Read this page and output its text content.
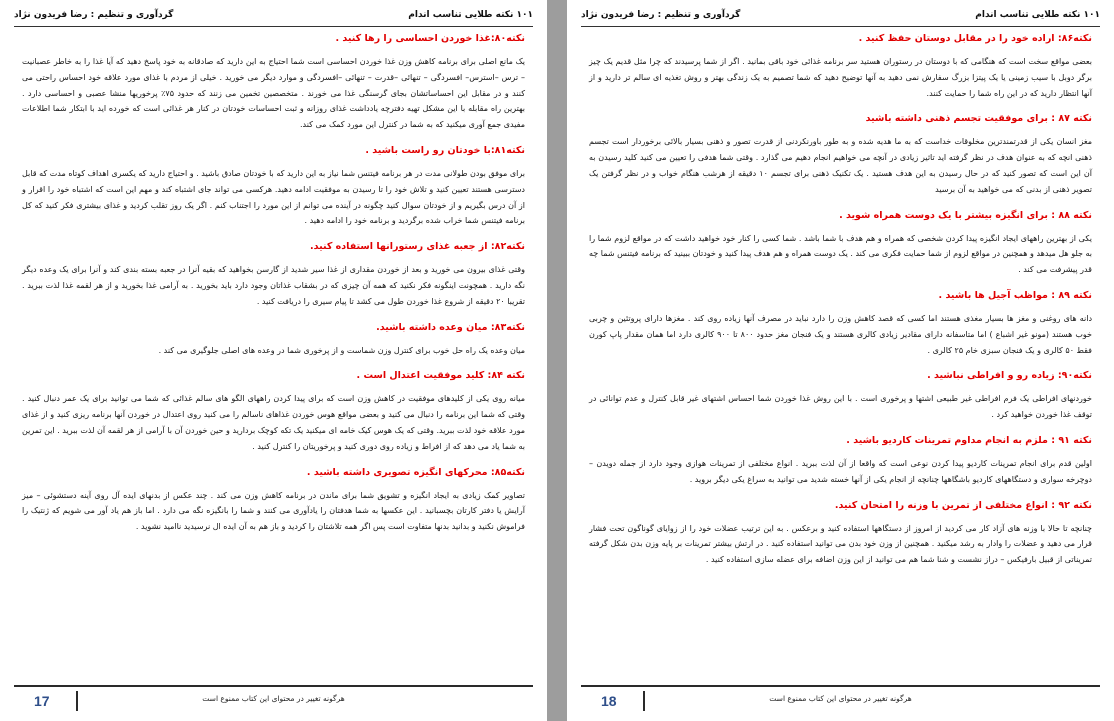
۱۰۱ نکته طلایی تناسب اندام
گردآوری و تنظیم : رضا فریدون نژاد
نکته۸۰:غذا خوردن احساسی را رها کنید .

یک مانع اصلی برای برنامه کاهش وزن غذا خوردن احساسی است شما احتیاج به این دارید که صادقانه به خود پاسخ دهید که آیا غذا را به خاطر عصبانیت – ترس –استرس– افسردگی – تنهائی –قدرت – تنهائی –افسردگی و موارد دیگر می خورید . خیلی از مردم با غذای مورد علاقه خود احساس راحتی می کنند و در مقابل این احساساتشان بجای گرسنگی غذا می خورند . متخصصین تخمین می زنند که حدود ۷۵٪ پرخوریها منشا عصبی و احساسی دارد . بهترین راه مقابله با این مشکل تهیه دفترچه یادداشت غذای روزانه و ثبت احساسات خودتان در کنار هر غذائی است که خورده اید با ابتکار شما اطلاعات مفیدی جمع آوری میکنید که به شما در کنترل این مورد کمک می کند.

نکته۸۱:با خودتان رو راست باشید .

برای موفق بودن طولانی مدت در هر برنامه فیتنس شما نیاز به این دارید که با خودتان صادق باشید . و احتیاج دارید که یکسری اهداف کوتاه مدت که قابل دسترسی هستند تعیین کنید و تلاش خود را تا رسیدن به موفقیت ادامه دهید. هرکسی می تواند جای اشتباه کند و مهم این است که اشتباه خود را اقرار و از آن درس بگیریم و از خودتان سوال کنید چگونه در آینده می توانم از این مورد را اجتناب کنم . اگر یک روز تقلب کردید و غذای بیشتری فکر کنید که کل برنامه فیتنس شما خراب شده برگردید و برنامه خود را ادامه دهید .

نکته۸۲: از جعبه غذای رستورانها استفاده کنید.

وقتی غذای بیرون می خورید و بعد از خوردن مقداری از غذا سیر شدید از گارسن بخواهید که بقیه آنرا در جعبه بسته بندی کند و آنرا برای یک وعده دیگر نگه دارید . همچونت اینگونه فکر نکنید که همه آن چیزی که در بشقاب غذاتان وجود دارد باید بخورید . به آرامی غذا بخورید و از هر لقمه غذا لذت ببرید . تقریبا ۲۰ دقیقه از شروع غذا خوردن طول می کشد تا پیام سیری را دریافت کنید .

نکته۸۳: میان وعده داشته باشید.

میان وعده یک راه حل خوب برای کنترل وزن شماست و از پرخوری شما در وعده های اصلی جلوگیری می کند .

نکته ۸۴: کلید موفقیت اعتدال است .

میانه روی یکی از کلیدهای موفقیت در کاهش وزن است که برای پیدا کردن راههای الگو های سالم غذائی که شما می توانید برای یک عمر دنبال کنید . وقتی که شما این برنامه را دنبال می کنید و بعضی مواقع هوس خوردن غذاهای ناسالم را می کنید روی اعتدال در خوردن آنها برنامه ریزی کنید و از غذای مورد علاقه خود لذت ببرید. وقتی که یک هوس کیک خامه ای میکنید یک تکه کوچک بردارید و حین خوردن آن با آرامی از هر لقمه آن لذت ببرید . این تمرین به شما یاد می دهد که از افراط و زیاده روی دوری کنید و پرخوریتان را کنترل کنید .

نکته۸۵: محرکهای انگیزه تصویری داشته باشید .

تصاویر کمک زیادی به ایجاد انگیزه و تشویق شما برای ماندن در برنامه کاهش وزن می کند . چند عکس از بدنهای ایده آل روی آینه دستشوئی – میز آرایش یا دفتر کارتان بچسبانید . این عکسها به شما هدفتان را یادآوری می کنند و شما را بانگیزه نگه می دارد . اما باز هم یاد آور می شویم که ژنتیک را فراموش نکنید و بدانید بدنها متفاوت است پس اگر همه تلاشتان را کردید و باز هم به آن ایده ال نرسیدید ناامید نشوید .

17	هرگونه تغییر در محتوای این کتاب ممنوع است
۱۰۱ نکته طلایی تناسب اندام
گردآوری و تنظیم : رضا فریدون نژاد
نکته۸۶: اراده خود را در مقابل دوستان حفظ کنید .

بعضی مواقع سخت است که هنگامی که با دوستان در رستوران هستید سر برنامه غذائی خود باقی بمانید . اگر از شما پرسیدند که چرا مثل قدیم یک چیز برگر دوبل با سیب زمینی یا یک پیتزا بزرگ سفارش نمی دهید به آنها توضیح دهید که شما تصمیم به یک زندگی بهتر و روش تغذیه ای سالم تر دارید و از آنها انتظار دارید که در این راه شما را حمایت کنند.

نکته ۸۷ : برای موفقیت تجسم ذهنی داشته باشید

مغز انسان یکی از قدرتمندترین مخلوقات خداست که به ما هدیه شده و به طور باورنکردنی از قدرت تصور و ذهنی بسیار بالائی برخوردار است تجسم ذهنی انچه که به عنوان هدف در نظر گرفته اید تاثیر زیادی در آنچه می خواهیم انجام دهیم می گذارد . وقتی شما هدفی را تعیین می کنید کلید رسیدن به آن این است که تصور کنید که در حال رسیدن به این هدف هستید . یک تکنیک ذهنی برای تجسم ۱۰ دقیقه از هرشب هنگام خواب و در نظر گرفتن یک تصویر ذهنی از بدنی که می خواهید به آن برسید

نکته ۸۸ : برای انگیزه بیشتر با یک دوست همراه شوید .

یکی از بهترین راههای ایجاد انگیزه پیدا کردن شخصی که همراه و هم هدف با شما باشد . شما کسی را کنار خود خواهید داشت که در مواقع لزوم شما را به جلو هل میدهد و همچنین در مواقع لزوم از شما حمایت فکری می کند . یک دوست همراه و هم هدف پیدا کنید و خودتان ببینید که برنامه فیتنس شما چه قدر پیشرفت می کند .

نکته ۸۹ : مواظب آجیل ها باشید .

دانه های روغنی و مغز ها بسیار مغذی هستند اما کسی که قصد کاهش وزن را دارد نباید در مصرف آنها زیاده روی کند . مغزها دارای پروتئین و چربی خوب هستند (مونو غیر اشباع ) اما متاسفانه دارای مقادیر زیادی کالری هستند و یک فنجان مغز حدود ۸۰۰ تا ۹۰۰ کالری دارد اما همان مقدار پاپ کورن فقط ۵۰ کالری و یک فنجان سبزی خام ۲۵ کالری .

نکته۹۰: زیاده رو و افراطی نباشید .

خوردنهای افراطی یک فرم افراطی غیر طبیعی اشتها و پرخوری است . با این روش غذا خوردن شما احساس اشتهای غیر قابل کنترل و عدم توانائی در توقف غذا خوردن خواهید کرد .

نکته ۹۱ : ملزم به انجام مداوم تمرینات کاردیو باشید .

اولین قدم برای انجام تمرینات کاردیو پیدا کردن نوعی است که واقعا از آن لذت ببرید . انواع مختلفی از تمرینات هوازی وجود دارد از جمله دویدن – دوچرخه سواری و دستگاههای کاردیو باشگاهها چنانچه از انجام یکی از آنها خسته شدید می توانید به سراغ یکی دیگر بروید .

نکته ۹۲ : انواع مختلفی از تمرین با وزنه را امتحان کنید.

چنانچه تا حالا با وزنه های آزاد کار می کردید از امروز از دستگاهها استفاده کنید و برعکس . به این ترتیب عضلات خود را از زوایای گوناگون تحت فشار قرار می دهید و عضلات را وادار به رشد میکنید . همچنین از وزن خود بدن می توانید استفاده کنید . در ارتش بیشتر تمرینات بر پایه وزن بدن شکل گرفته تمریناتی از قبیل بارفیکس – دراز نشست و شنا شما هم می توانید از این وزن اضافه برای عضله سازی استفاده کنید .

18	هرگونه تغییر در محتوای این کتاب ممنوع است
